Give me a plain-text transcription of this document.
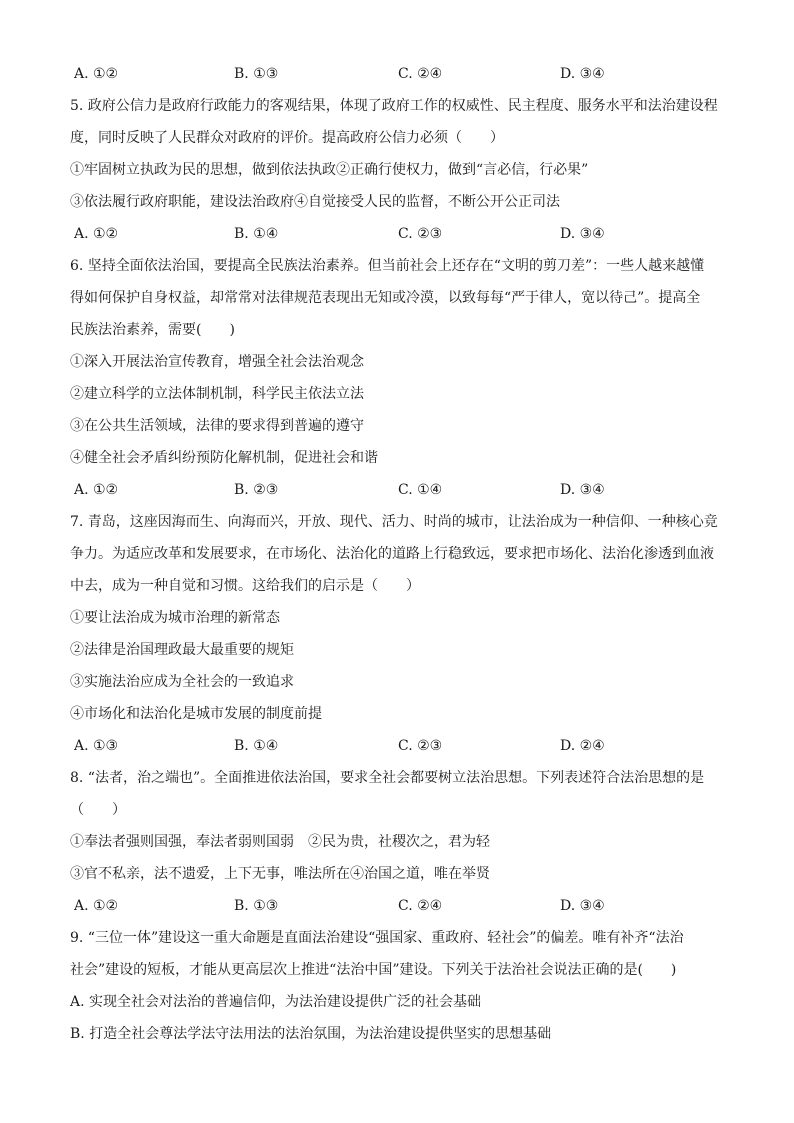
A. ①②	B. ①③	C. ②④	D. ③④
5. 政府公信力是政府行政能力的客观结果，体现了政府工作的权威性、民主程度、服务水平和法治建设程
度，同时反映了人民群众对政府的评价。提高政府公信力必须（　　）
①牢固树立执政为民的思想，做到依法执政②正确行使权力，做到“言必信，行必果”
③依法履行政府职能，建设法治政府④自觉接受人民的监督，不断公开公正司法
A. ①②	B. ①④	C. ②③	D. ③④
6. 坚持全面依法治国，要提高全民族法治素养。但当前社会上还存在“文明的剪刀差”：一些人越来越懂
得如何保护自身权益，却常常对法律规范表现出无知或冷漠，以致每每“严于律人，宽以待己”。提高全
民族法治素养，需要(　　)
①深入开展法治宣传教育，增强全社会法治观念
②建立科学的立法体制机制，科学民主依法立法
③在公共生活领域，法律的要求得到普遍的遵守
④健全社会矛盾纠纷预防化解机制，促进社会和谐
A. ①②	B. ②③	C. ①④	D. ③④
7. 青岛，这座因海而生、向海而兴，开放、现代、活力、时尚的城市，让法治成为一种信仰、一种核心竞
争力。为适应改革和发展要求，在市场化、法治化的道路上行稳致远，要求把市场化、法治化渗透到血液
中去，成为一种自觉和习惯。这给我们的启示是（　　）
①要让法治成为城市治理的新常态
②法律是治国理政最大最重要的规矩
③实施法治应成为全社会的一致追求
④市场化和法治化是城市发展的制度前提
A. ①③	B. ①④	C. ②③	D. ②④
8. “法者，治之端也”。全面推进依法治国，要求全社会都要树立法治思想。下列表述符合法治思想的是
（　　）
①奉法者强则国强，奉法者弱则国弱　②民为贵，社稷次之，君为轻
③官不私亲，法不遗爱，上下无事，唯法所在④治国之道，唯在举贤
A. ①②	B. ①③	C. ②④	D. ③④
9. “三位一体”建设这一重大命题是直面法治建设“强国家、重政府、轻社会”的偏差。唯有补齐“法治
社会”建设的短板，才能从更高层次上推进“法治中国”建设。下列关于法治社会说法正确的是(　　)
A. 实现全社会对法治的普遍信仰，为法治建设提供广泛的社会基础
B. 打造全社会尊法学法守法用法的法治氛围，为法治建设提供坚实的思想基础
